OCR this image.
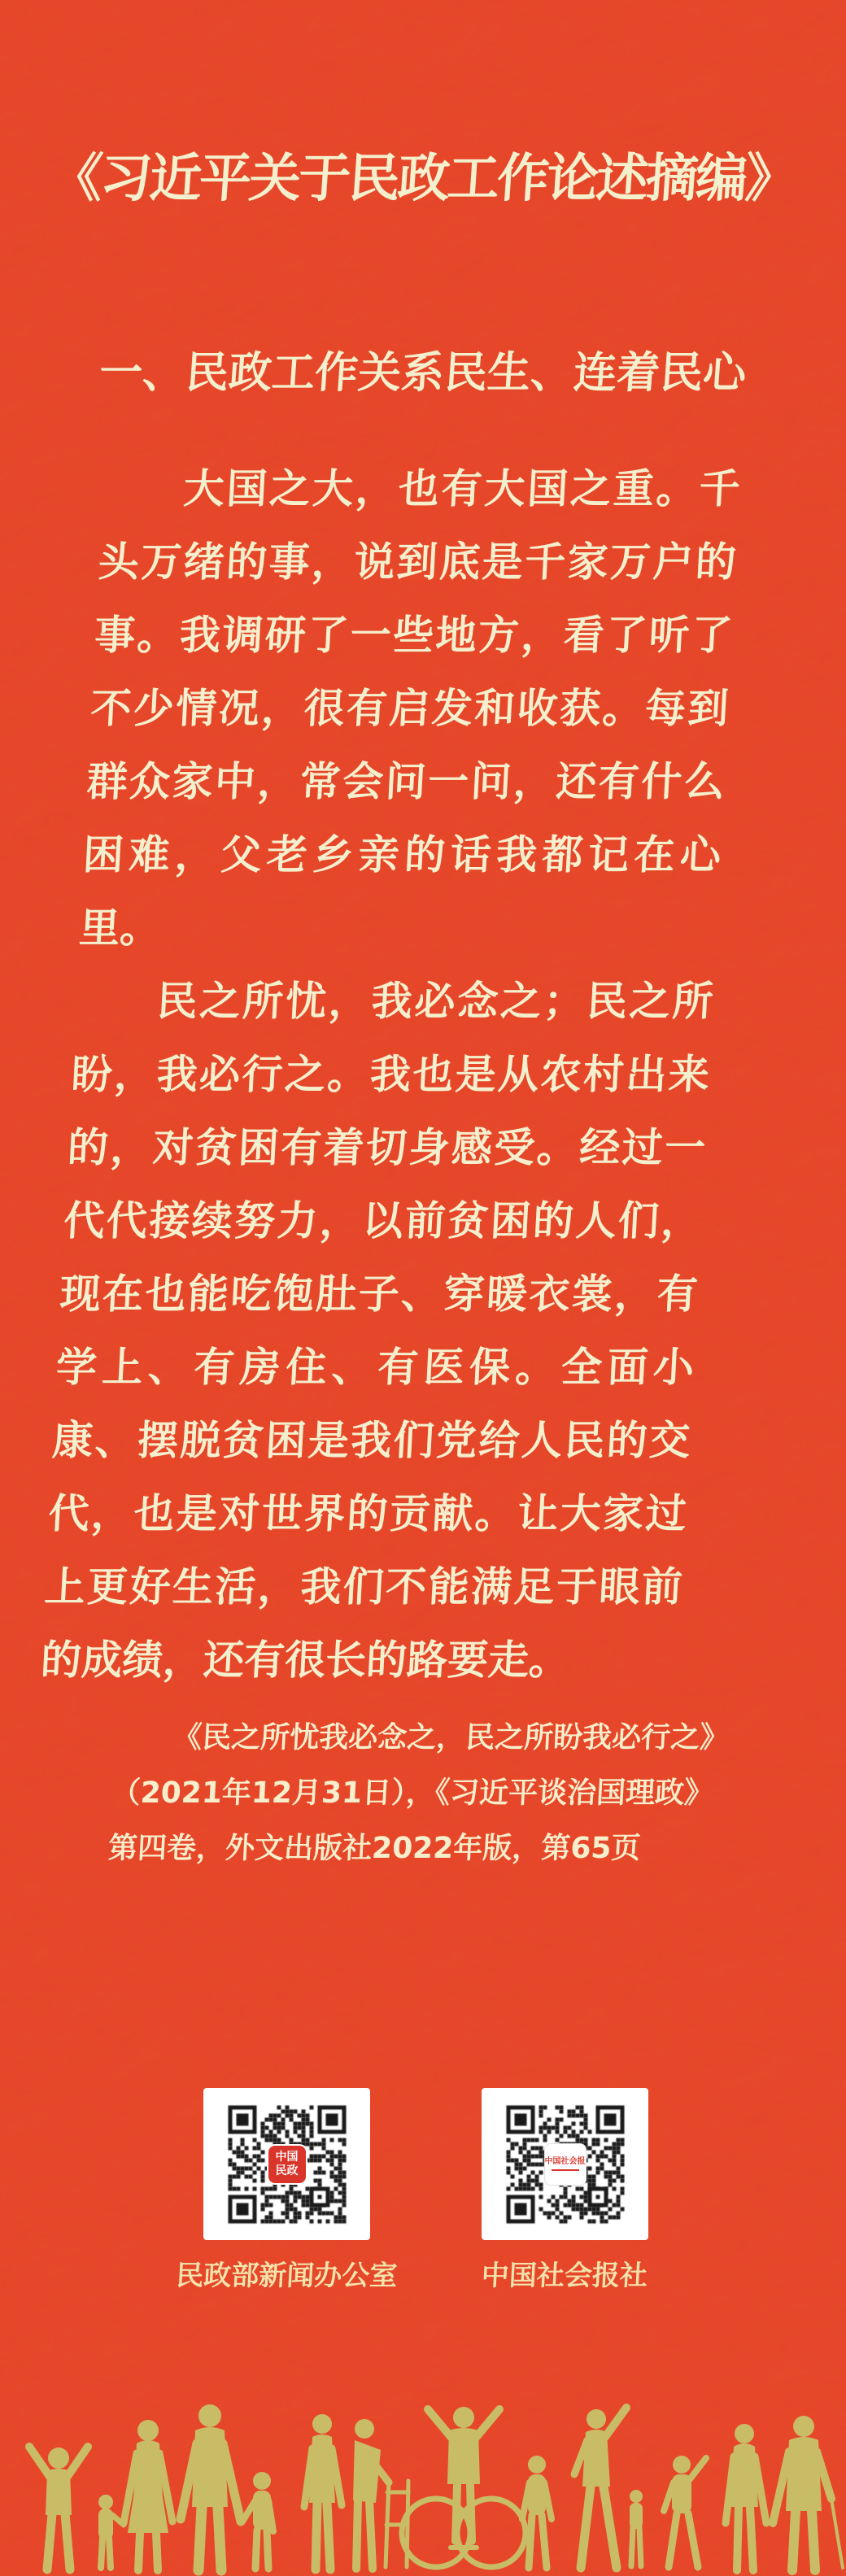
《习近平关于民政工作论述摘编》
一、民政工作关系民生、连着民心

大国之大，也有大国之重。千头万绪的事，说到底是千家万户的事。我调研了一些地方，看了听了不少情况，很有启发和收获。每到群众家中，常会问一问，还有什么困难，父老乡亲的话我都记在心里。

民之所忧，我必念之；民之所盼，我必行之。我也是从农村出来的，对贫困有着切身感受。经过一代代接续努力，以前贫困的人们，现在也能吃饱肚子、穿暖衣裳，有学上、有房住、有医保。全面小康、摆脱贫困是我们党给人民的交代，也是对世界的贡献。让大家过上更好生活，我们不能满足于眼前的成绩，还有很长的路要走。

《民之所忧我必念之，民之所盼我必行之》
（2021年12月31日），《习近平谈治国理政》
第四卷，外文出版社2022年版，第65页
中国
民政
中国社会报
民政部新闻办公室	中国社会报社
